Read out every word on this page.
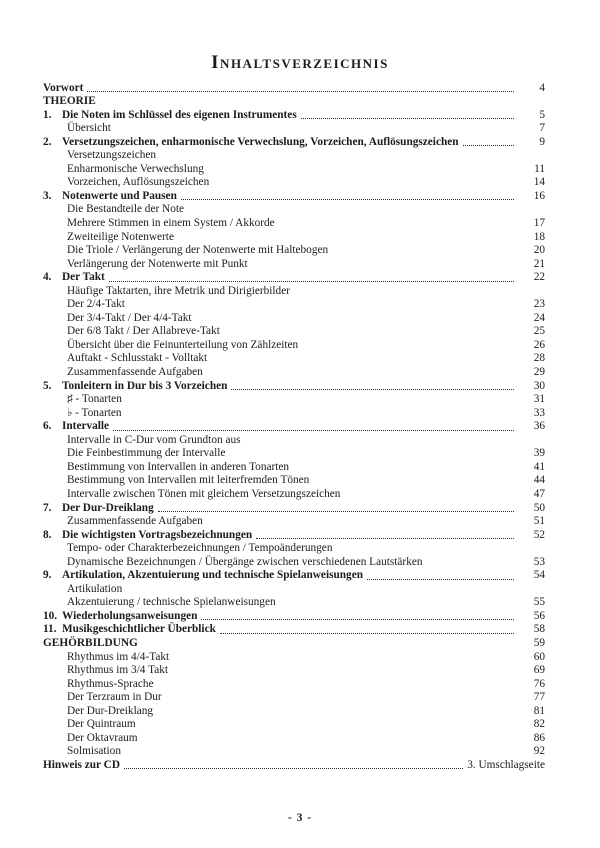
Inhaltsverzeichnis
Vorwort	4
THEORIE
1. Die Noten im Schlüssel des eigenen Instrumentes	5
Übersicht	7
2. Versetzungszeichen, enharmonische Verwechslung, Vorzeichen, Auflösungszeichen	9
Versetzungszeichen
Enharmonische Verwechslung	11
Vorzeichen, Auflösungszeichen	14
3. Notenwerte und Pausen	16
Die Bestandteile der Note
Mehrere Stimmen in einem System / Akkorde	17
Zweiteilige Notenwerte	18
Die Triole / Verlängerung der Notenwerte mit Haltebogen	20
Verlängerung der Notenwerte mit Punkt	21
4. Der Takt	22
Häufige Taktarten, ihre Metrik und Dirigierbilder
Der 2/4-Takt	23
Der 3/4-Takt / Der 4/4-Takt	24
Der 6/8 Takt / Der Allabreve-Takt	25
Übersicht über die Feinunterteilung von Zählzeiten	26
Auftakt - Schlusstakt - Volltakt	28
Zusammenfassende Aufgaben	29
5. Tonleitern in Dur bis 3 Vorzeichen	30
♯ - Tonarten	31
♭ - Tonarten	33
6. Intervalle	36
Intervalle in C-Dur vom Grundton aus
Die Feinbestimmung der Intervalle	39
Bestimmung von Intervallen in anderen Tonarten	41
Bestimmung von Intervallen mit leiterfremden Tönen	44
Intervalle zwischen Tönen mit gleichem Versetzungszeichen	47
7. Der Dur-Dreiklang	50
Zusammenfassende Aufgaben	51
8. Die wichtigsten Vortragsbezeichnungen	52
Tempo- oder Charakterbezeichnungen / Tempoänderungen
Dynamische Bezeichnungen / Übergänge zwischen verschiedenen Lautstärken	53
9. Artikulation, Akzentuierung und technische Spielanweisungen	54
Artikulation
Akzentuierung / technische Spielanweisungen	55
10. Wiederholungsanweisungen	56
11. Musikgeschichtlicher Überblick	58
GEHÖRBILDUNG	59
Rhythmus im 4/4-Takt	60
Rhythmus im 3/4 Takt	69
Rhythmus-Sprache	76
Der Terzraum in Dur	77
Der Dur-Dreiklang	81
Der Quintraum	82
Der Oktavraum	86
Solmisation	92
Hinweis zur CD	3. Umschlagseite
- 3 -
